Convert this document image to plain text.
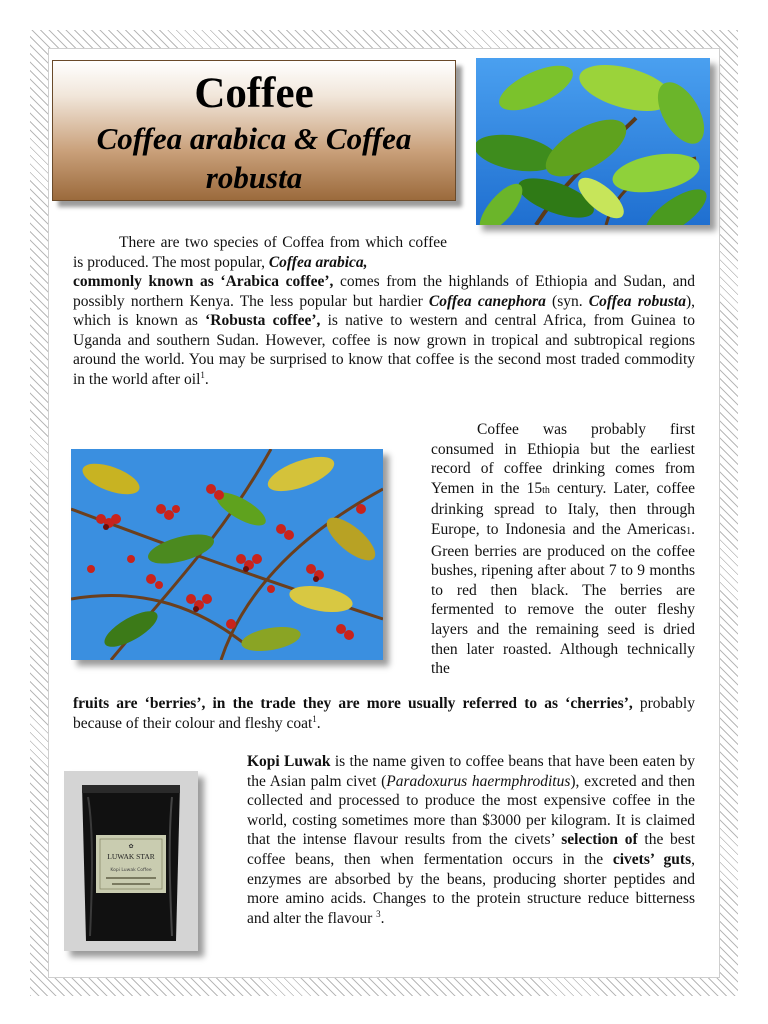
Coffee
Coffea arabica & Coffea
robusta

There are two species of Coffea from which coffee is produced. The most popular, Coffea arabica,

commonly known as ‘Arabica coffee’, comes from the highlands of Ethiopia and Sudan, and possibly northern Kenya. The less popular but hardier Coffea canephora (syn. Coffea robusta), which is known as ‘Robusta coffee’, is native to western and central Africa, from Guinea to Uganda and southern Sudan. However, coffee is now grown in tropical and subtropical regions around the world. You may be surprised to know that coffee is the second most traded commodity in the world after oil$^1$.

Coffee was probably first consumed in Ethiopia but the earliest record of coffee drinking comes from Yemen in the 15th century. Later, coffee drinking spread to Italy, then through Europe, to Indonesia and the Americas1. Green berries are produced on the coffee bushes, ripening after about 7 to 9 months to red then black. The berries are fermented to remove the outer fleshy layers and the remaining seed is dried then later roasted. Although technically the

fruits are ‘berries’, in the trade they are more usually referred to as ‘cherries’, probably because of their colour and fleshy coat$^1$.

✿
LUWAK STAR
Kopi Luwak Coffee

Kopi Luwak is the name given to coffee beans that have been eaten by the Asian palm civet (Paradoxurus haermphroditus), excreted and then collected and processed to produce the most expensive coffee in the world, costing sometimes more than $3000 per kilogram. It is claimed that the intense flavour results from the civets’ selection of the best coffee beans, then when fermentation occurs in the civets’ guts, enzymes are absorbed by the beans, producing shorter peptides and more amino acids. Changes to the protein structure reduce bitterness and alter the flavour $^3$.
